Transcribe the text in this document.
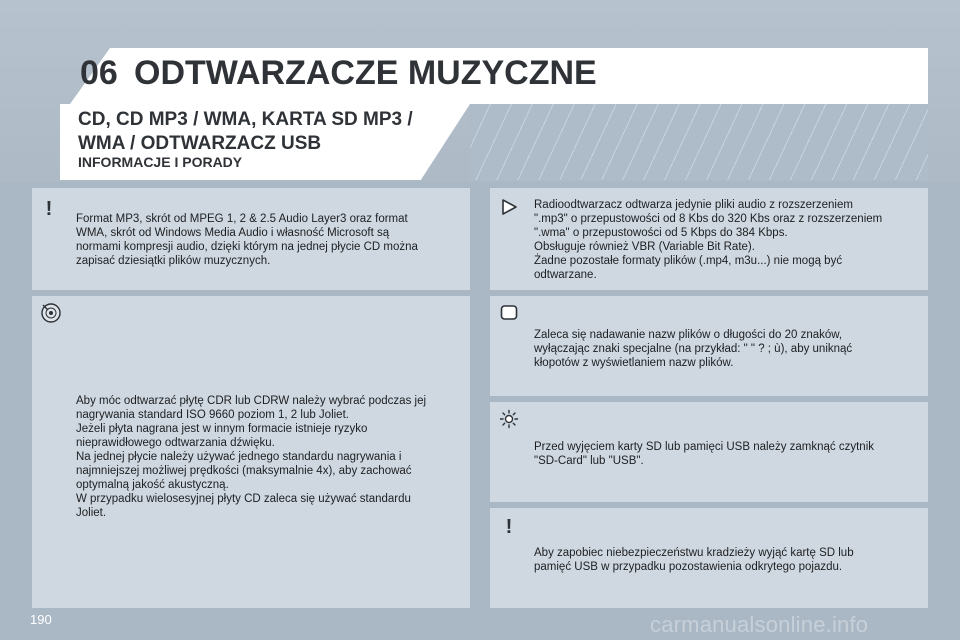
06 ODTWARZACZE MUZYCZNE
CD, CD MP3 / WMA, KARTA SD MP3 / WMA / ODTWARZACZ USB
INFORMACJE I PORADY
!	Format MP3, skrót od MPEG 1, 2 & 2.5 Audio Layer3 oraz format
WMA, skrót od Windows Media Audio i własność Microsoft są
normami kompresji audio, dzięki którym na jednej płycie CD można
zapisać dziesiątki plików muzycznych.
Aby móc odtwarzać płytę CDR lub CDRW należy wybrać podczas jej
nagrywania standard ISO 9660 poziom 1, 2 lub Joliet.
Jeżeli płyta nagrana jest w innym formacie istnieje ryzyko
nieprawidłowego odtwarzania dźwięku.
Na jednej płycie należy używać jednego standardu nagrywania i
najmniejszej możliwej prędkości (maksymalnie 4x), aby zachować
optymalną jakość akustyczną.
W przypadku wielosesyjnej płyty CD zaleca się używać standardu
Joliet.
Radioodtwarzacz odtwarza jedynie pliki audio z rozszerzeniem
".mp3" o przepustowości od 8 Kbs do 320 Kbs oraz z rozszerzeniem
".wma" o przepustowości od 5 Kbps do 384 Kbps.
Obsługuje również VBR (Variable Bit Rate).
Żadne pozostałe formaty plików (.mp4, m3u...) nie mogą być
odtwarzane.
Zaleca się nadawanie nazw plików o długości do 20 znaków,
wyłączając znaki specjalne (na przykład: " " ? ; ù), aby uniknąć
kłopotów z wyświetlaniem nazw plików.
Przed wyjęciem karty SD lub pamięci USB należy zamknąć czytnik
"SD-Card" lub "USB".
!
Aby zapobiec niebezpieczeństwu kradzieży wyjąć kartę SD lub
pamięć USB w przypadku pozostawienia odkrytego pojazdu.
190	carmanualsonline.info
